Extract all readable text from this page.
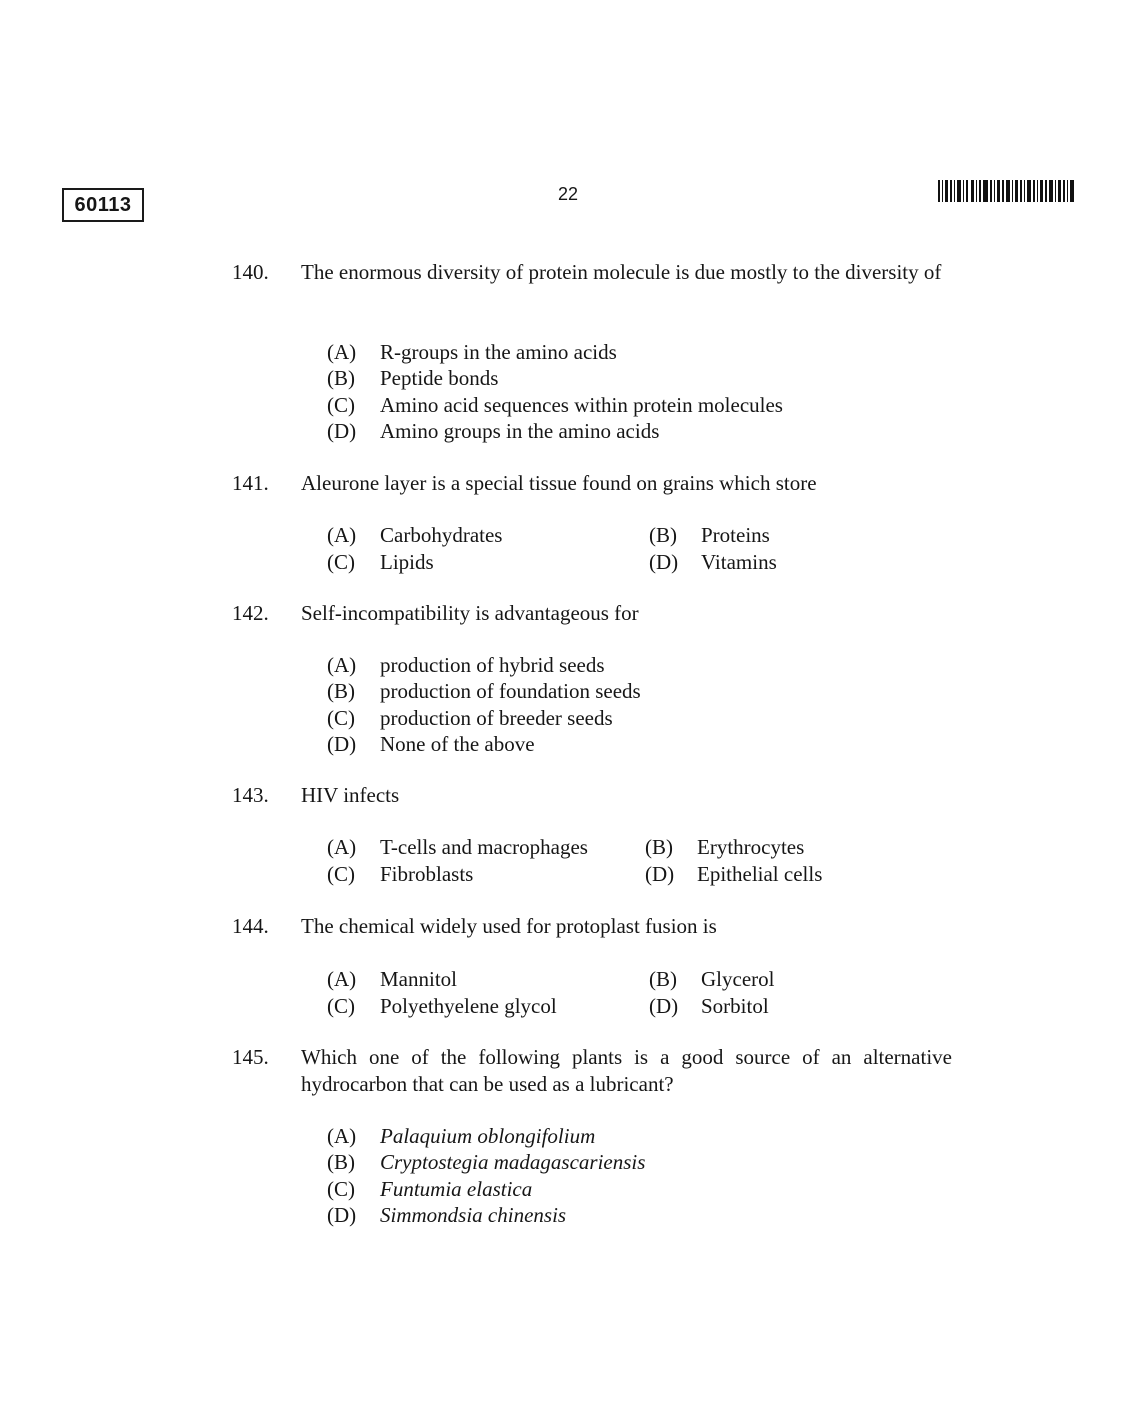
60113	22
140.	The enormous diversity of protein molecule is due mostly to the diversity of
(A) R-groups in the amino acids
(B) Peptide bonds
(C) Amino acid sequences within protein molecules
(D) Amino groups in the amino acids
141.	Aleurone layer is a special tissue found on grains which store
(A) Carbohydrates	(B) Proteins
(C) Lipids	(D) Vitamins
142.	Self-incompatibility is advantageous for
(A) production of hybrid seeds
(B) production of foundation seeds
(C) production of breeder seeds
(D) None of the above
143.	HIV infects
(A) T-cells and macrophages	(B) Erythrocytes
(C) Fibroblasts	(D) Epithelial cells
144.	The chemical widely used for protoplast fusion is
(A) Mannitol	(B) Glycerol
(C) Polyethyelene glycol	(D) Sorbitol
145.	Which one of the following plants is a good source of an alternative hydrocarbon that can be used as a lubricant?
(A) Palaquium oblongifolium
(B) Cryptostegia madagascariensis
(C) Funtumia elastica
(D) Simmondsia chinensis
